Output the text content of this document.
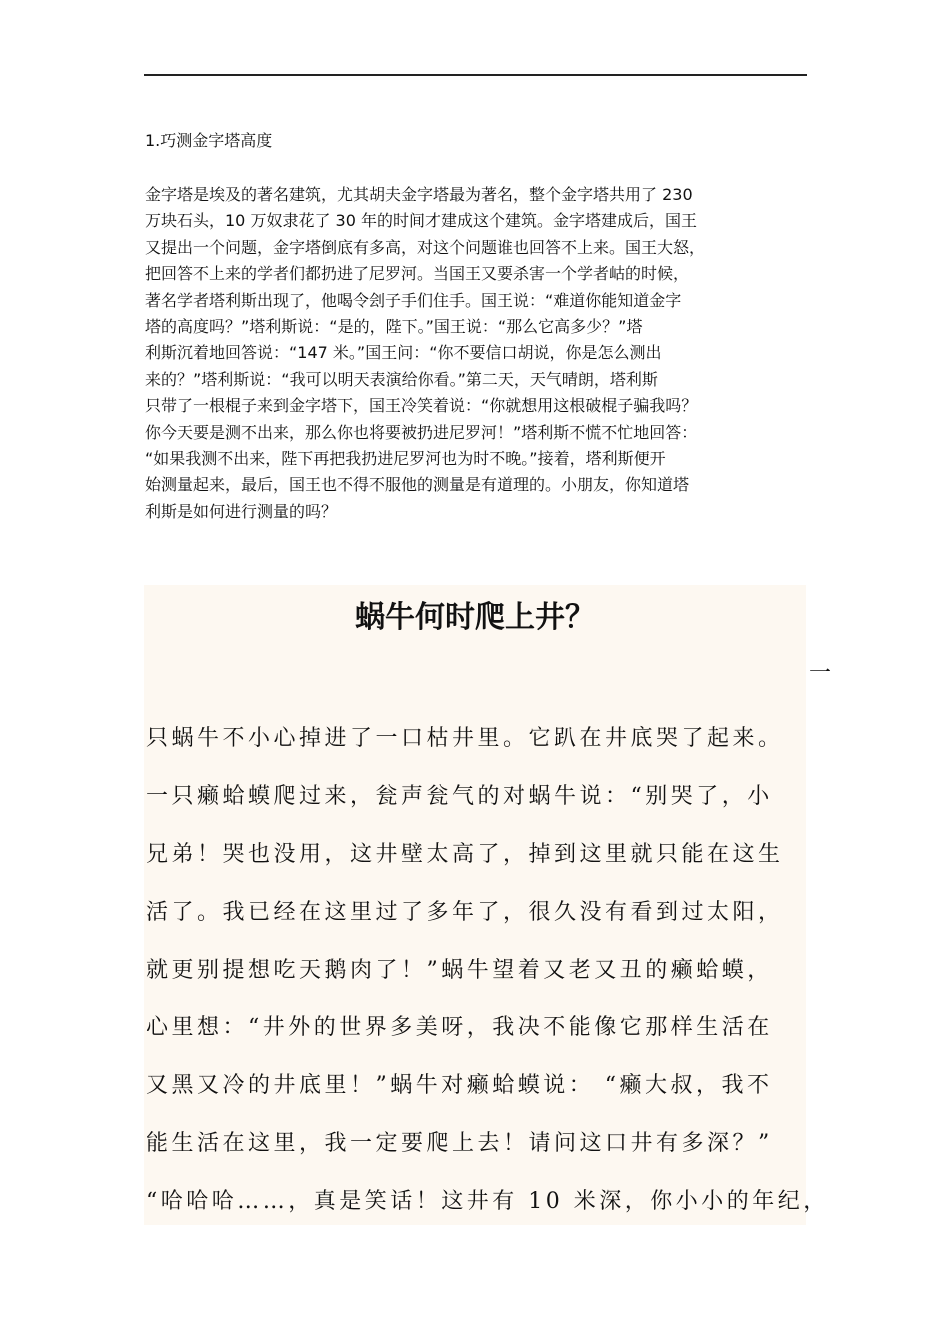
1.巧测金字塔高度
金字塔是埃及的著名建筑，尤其胡夫金字塔最为著名，整个金字塔共用了 230
万块石头，10 万奴隶花了 30 年的时间才建成这个建筑。金字塔建成后，国王
又提出一个问题，金字塔倒底有多高，对这个问题谁也回答不上来。国王大怒，
把回答不上来的学者们都扔进了尼罗河。当国王又要杀害一个学者岵的时候，
著名学者塔利斯出现了，他喝令刽子手们住手。国王说：“难道你能知道金字
塔的高度吗？”塔利斯说：“是的，陛下。”国王说：“那么它高多少？”塔
利斯沉着地回答说：“147 米。”国王问：“你不要信口胡说，你是怎么测出
来的？”塔利斯说：“我可以明天表演给你看。”第二天，天气晴朗，塔利斯
只带了一根棍子来到金字塔下，国王冷笑着说：“你就想用这根破棍子骗我吗？
你今天要是测不出来，那么你也将要被扔进尼罗河！”塔利斯不慌不忙地回答：
“如果我测不出来，陛下再把我扔进尼罗河也为时不晚。”接着，塔利斯便开
始测量起来，最后，国王也不得不服他的测量是有道理的。小朋友，你知道塔
利斯是如何进行测量的吗？
蜗牛何时爬上井？
一
只蜗牛不小心掉进了一口枯井里。它趴在井底哭了起来。
一只癞蛤蟆爬过来，瓮声瓮气的对蜗牛说：“别哭了，小
兄弟！哭也没用，这井壁太高了，掉到这里就只能在这生
活了。我已经在这里过了多年了，很久没有看到过太阳，
就更别提想吃天鹅肉了！”蜗牛望着又老又丑的癞蛤蟆，
心里想：“井外的世界多美呀，我决不能像它那样生活在
又黑又冷的井底里！”蜗牛对癞蛤蟆说： “癞大叔，我不
能生活在这里，我一定要爬上去！请问这口井有多深？”
“哈哈哈……，真是笑话！这井有 10 米深，你小小的年纪，
